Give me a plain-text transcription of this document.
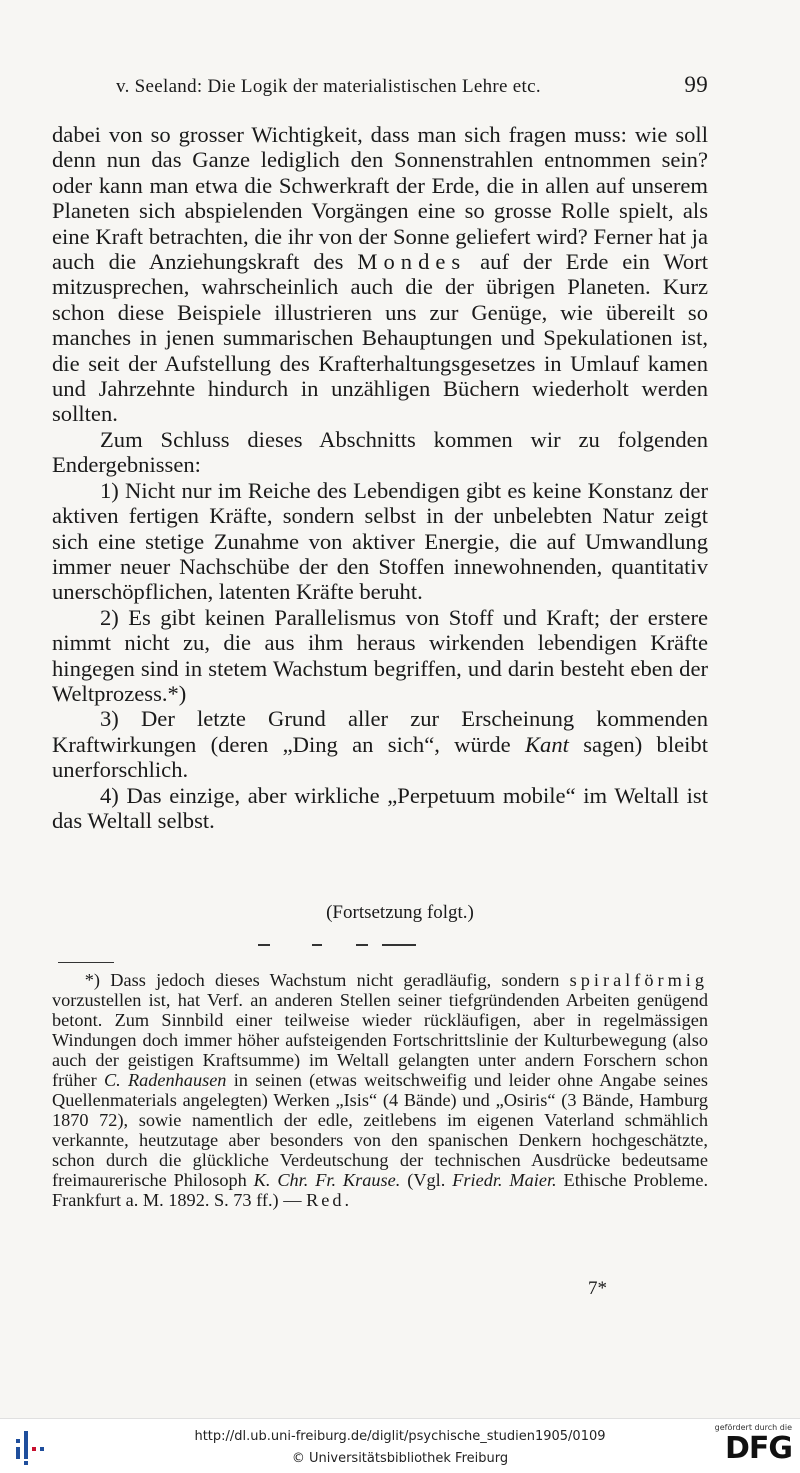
v. Seeland: Die Logik der materialistischen Lehre etc.	99

dabei von so grosser Wichtigkeit, dass man sich fragen muss: wie soll denn nun das Ganze lediglich den Sonnenstrahlen entnommen sein? oder kann man etwa die Schwerkraft der Erde, die in allen auf unserem Planeten sich abspielenden Vorgängen eine so grosse Rolle spielt, als eine Kraft betrachten, die ihr von der Sonne geliefert wird? Ferner hat ja auch die Anziehungskraft des Mondes auf der Erde ein Wort mitzusprechen, wahrscheinlich auch die der übrigen Planeten. Kurz schon diese Beispiele illustrieren uns zur Genüge, wie übereilt so manches in jenen summarischen Behauptungen und Spekulationen ist, die seit der Aufstellung des Krafterhaltungsgesetzes in Umlauf kamen und Jahrzehnte hindurch in unzähligen Büchern wiederholt werden sollten.

Zum Schluss dieses Abschnitts kommen wir zu folgenden Endergebnissen:

1) Nicht nur im Reiche des Lebendigen gibt es keine Konstanz der aktiven fertigen Kräfte, sondern selbst in der unbelebten Natur zeigt sich eine stetige Zunahme von aktiver Energie, die auf Umwandlung immer neuer Nachschübe der den Stoffen innewohnenden, quantitativ unerschöpflichen, latenten Kräfte beruht.

2) Es gibt keinen Parallelismus von Stoff und Kraft; der erstere nimmt nicht zu, die aus ihm heraus wirkenden lebendigen Kräfte hingegen sind in stetem Wachstum begriffen, und darin besteht eben der Weltprozess.*)

3) Der letzte Grund aller zur Erscheinung kommenden Kraftwirkungen (deren „Ding an sich“, würde Kant sagen) bleibt unerforschlich.

4) Das einzige, aber wirkliche „Perpetuum mobile“ im Weltall ist das Weltall selbst.

(Fortsetzung folgt.)
*) Dass jedoch dieses Wachstum nicht geradläufig, sondern spiralförmig vorzustellen ist, hat Verf. an anderen Stellen seiner tiefgründenden Arbeiten genügend betont. Zum Sinnbild einer teilweise wieder rückläufigen, aber in regelmässigen Windungen doch immer höher aufsteigenden Fortschrittslinie der Kulturbewegung (also auch der geistigen Kraftsumme) im Weltall gelangten unter andern Forschern schon früher C. Radenhausen in seinen (etwas weitschweifig und leider ohne Angabe seines Quellenmaterials angelegten) Werken „Isis“ (4 Bände) und „Osiris“ (3 Bände, Hamburg 1870 72), sowie namentlich der edle, zeitlebens im eigenen Vaterland schmählich verkannte, heutzutage aber besonders von den spanischen Denkern hochgeschätzte, schon durch die glückliche Verdeutschung der technischen Ausdrücke bedeutsame freimaurerische Philosoph K. Chr. Fr. Krause. (Vgl. Friedr. Maier. Ethische Probleme. Frankfurt a. M. 1892. S. 73 ff.) — Red.
7*
http://dl.ub.uni-freiburg.de/diglit/psychische_studien1905/0109
© Universitätsbibliothek Freiburg
gefördert durch die
DFG
